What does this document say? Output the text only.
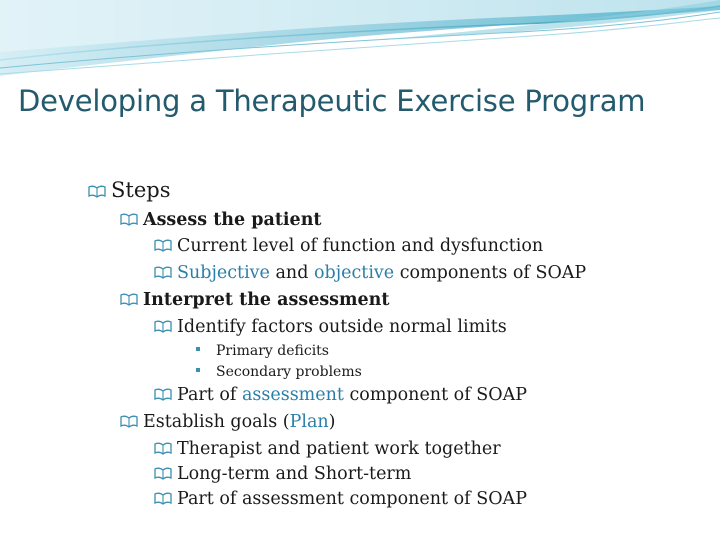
Developing a Therapeutic Exercise Program
Steps
Assess the patient
Current level of function and dysfunction
Subjective and objective components of SOAP
Interpret the assessment
Identify factors outside normal limits
Primary deficits
Secondary problems
Part of assessment component of SOAP
Establish goals (Plan)
Therapist and patient work together
Long-term and Short-term
Part of assessment component of SOAP
